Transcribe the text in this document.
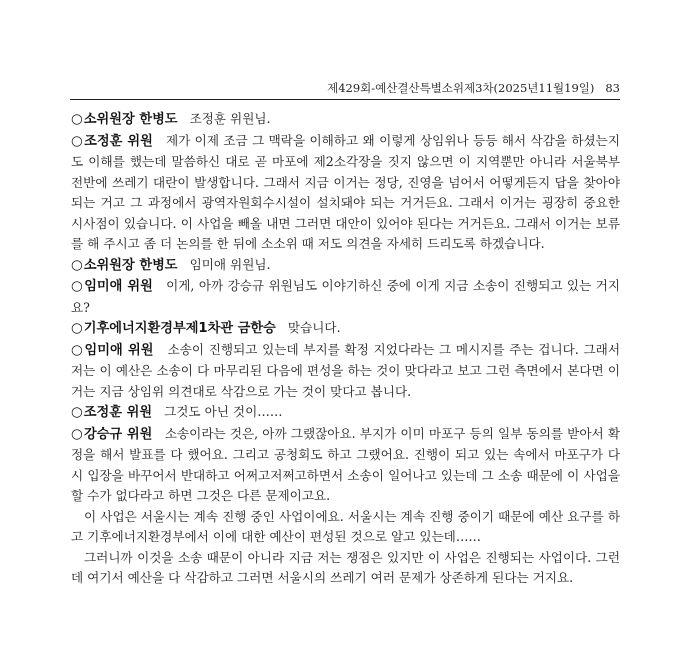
제429회-예산결산특별소위제3차(2025년11월19일) 83

○소위원장 한병도 조정훈 위원님.

○조정훈 위원 제가 이제 조금 그 맥락을 이해하고 왜 이렇게 상임위나 등등 해서 삭감을 하셨는지도 이해를 했는데 말씀하신 대로 곧 마포에 제2소각장을 짓지 않으면 이 지역뿐만 아니라 서울북부 전반에 쓰레기 대란이 발생합니다. 그래서 지금 이거는 정당, 진영을 넘어서 어떻게든지 답을 찾아야 되는 거고 그 과정에서 광역자원회수시설이 설치돼야 되는 거거든요. 그래서 이거는 굉장히 중요한 시사점이 있습니다. 이 사업을 빼올 내면 그러면 대안이 있어야 된다는 거거든요. 그래서 이거는 보류를 해 주시고 좀 더 논의를 한 뒤에 소소위 때 저도 의견을 자세히 드리도록 하겠습니다.

○소위원장 한병도 임미애 위원님.

○임미애 위원 이게, 아까 강승규 위원님도 이야기하신 중에 이게 지금 소송이 진행되고 있는 거지요?

○기후에너지환경부제1차관 금한승 맞습니다.

○임미애 위원 소송이 진행되고 있는데 부지를 확정 지었다라는 그 메시지를 주는 겁니다. 그래서 저는 이 예산은 소송이 다 마무리된 다음에 편성을 하는 것이 맞다라고 보고 그런 측면에서 본다면 이거는 지금 상임위 의견대로 삭감으로 가는 것이 맞다고 봅니다.

○조정훈 위원 그것도 아닌 것이……

○강승규 위원 소송이라는 것은, 아까 그랬잖아요. 부지가 이미 마포구 등의 일부 동의를 받아서 확정을 해서 발표를 다 했어요. 그리고 공청회도 하고 그랬어요. 진행이 되고 있는 속에서 마포구가 다시 입장을 바꾸어서 반대하고 어쩌고저쩌고하면서 소송이 일어나고 있는데 그 소송 때문에 이 사업을 할 수가 없다라고 하면 그것은 다른 문제이고요.

이 사업은 서울시는 계속 진행 중인 사업이에요. 서울시는 계속 진행 중이기 때문에 예산 요구를 하고 기후에너지환경부에서 이에 대한 예산이 편성된 것으로 알고 있는데……

그러니까 이것을 소송 때문이 아니라 지금 저는 쟁점은 있지만 이 사업은 진행되는 사업이다. 그런데 여기서 예산을 다 삭감하고 그러면 서울시의 쓰레기 여러 문제가 상존하게 된다는 거지요.
